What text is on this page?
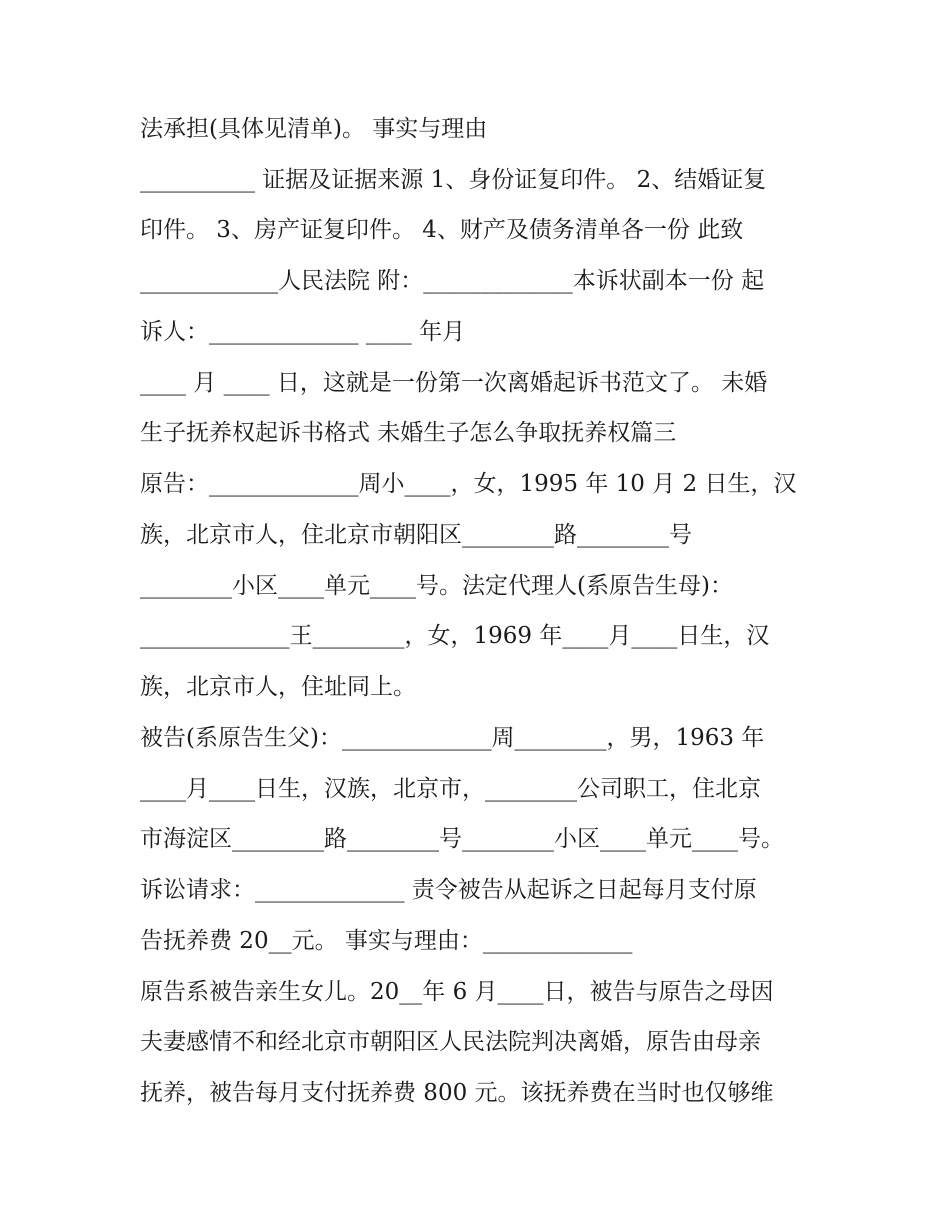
法承担(具体见清单)。 事实与理由
__________ 证据及证据来源 1、身份证复印件。 2、结婚证复
印件。 3、房产证复印件。 4、财产及债务清单各一份 此致
____________人民法院 附：_____________本诉状副本一份 起
诉人：_____________ ____ 年月
____ 月 ____ 日，这就是一份第一次离婚起诉书范文了。 未婚
生子抚养权起诉书格式 未婚生子怎么争取抚养权篇三
原告：_____________周小____，女，1995 年 10 月 2 日生，汉
族，北京市人，住北京市朝阳区________路________号
________小区____单元____号。法定代理人(系原告生母)：
_____________王________，女，1969 年____月____日生，汉
族，北京市人，住址同上。
被告(系原告生父)：_____________周________，男，1963 年
____月____日生，汉族，北京市，________公司职工，住北京
市海淀区________路________号________小区____单元____号。
诉讼请求：_____________ 责令被告从起诉之日起每月支付原
告抚养费 20__元。 事实与理由：_____________
原告系被告亲生女儿。20__年 6 月____日，被告与原告之母因
夫妻感情不和经北京市朝阳区人民法院判决离婚，原告由母亲
抚养，被告每月支付抚养费 800 元。该抚养费在当时也仅够维
